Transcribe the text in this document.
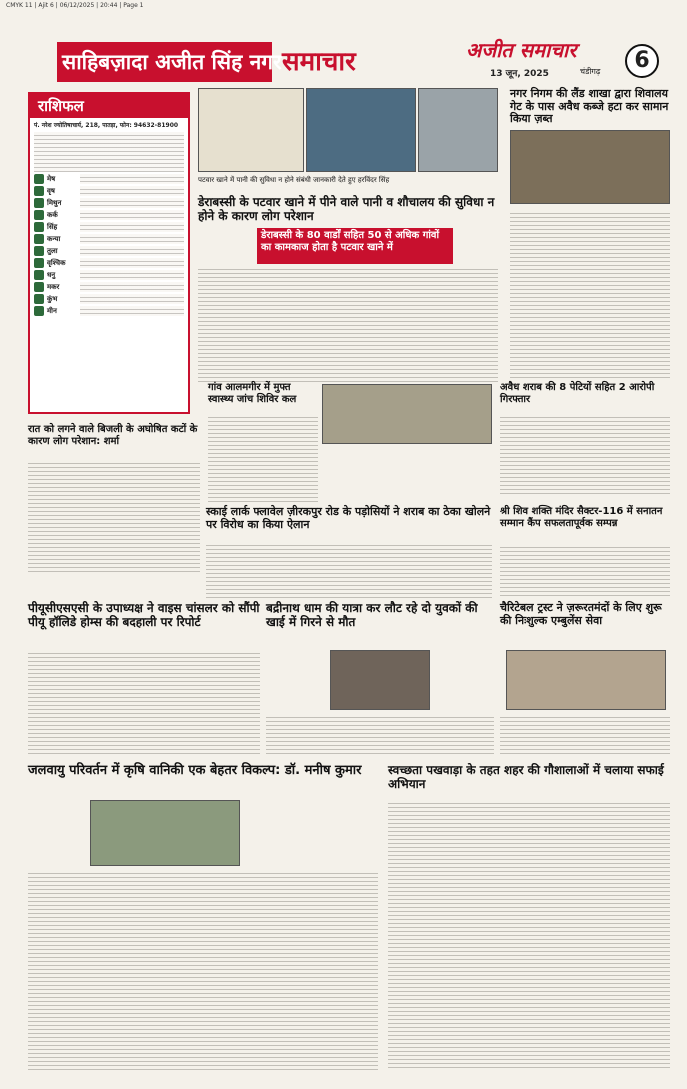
CMYK 11 | Ajit 6 | 06/12/2025 | 20:44 | Page 1
साहिबज़ादा अजीत सिंह नगर समाचार	अजीत समाचार
13 जून, 2025	चंडीगढ़	6
राशिफल
पं. नरेश ज्योतिषाचार्य, 218, पातड़ा, फोन: 94632-81900
मेष
वृष
मिथुन
कर्क
सिंह
कन्या
तुला
वृश्चिक
धनु
मकर
कुंभ
मीन
पटवार खाने में पानी की सुविधा न होने संबंधी जानकारी देते हुए हरविंदर सिंह
डेराबस्सी के पटवार खाने में पीने वाले पानी व शौचालय की सुविधा न होने के कारण लोग परेशान
डेराबस्सी के 80 वार्डों सहित 50 से अधिक गांवों का कामकाज होता है पटवार खाने में
नगर निगम की लैंड शाखा द्वारा शिवालय गेट के पास अवैध कब्जे हटा कर सामान किया ज़ब्त
गांव आलमगीर में मुफ्त स्वास्थ्य जांच शिविर कल
अवैध शराब की 8 पेटियों सहित 2 आरोपी गिरफ्तार
रात को लगने वाले बिजली के अघोषित कटों के कारण लोग परेशान: शर्मा
स्काई लार्क फ्लावेल ज़ीरकपुर रोड के पड़ोसियों ने शराब का ठेका खोलने पर विरोध का किया ऐलान
श्री शिव शक्ति मंदिर सैक्टर-116 में सनातन सम्मान कैंप सफलतापूर्वक सम्पन्न
पीयूसीएसएसी के उपाध्यक्ष ने वाइस चांसलर को सौंपी पीयू हॉलिडे होम्स की बदहाली पर रिपोर्ट
बद्रीनाथ धाम की यात्रा कर लौट रहे दो युवकों की खाई में गिरने से मौत
चैरिटेबल ट्रस्ट ने ज़रूरतमंदों के लिए शुरू की निःशुल्क एम्बुलेंस सेवा
जलवायु परिवर्तन में कृषि वानिकी एक बेहतर विकल्प: डॉ. मनीष कुमार	स्वच्छता पखवाड़ा के तहत शहर की गौशालाओं में चलाया सफाई अभियान
